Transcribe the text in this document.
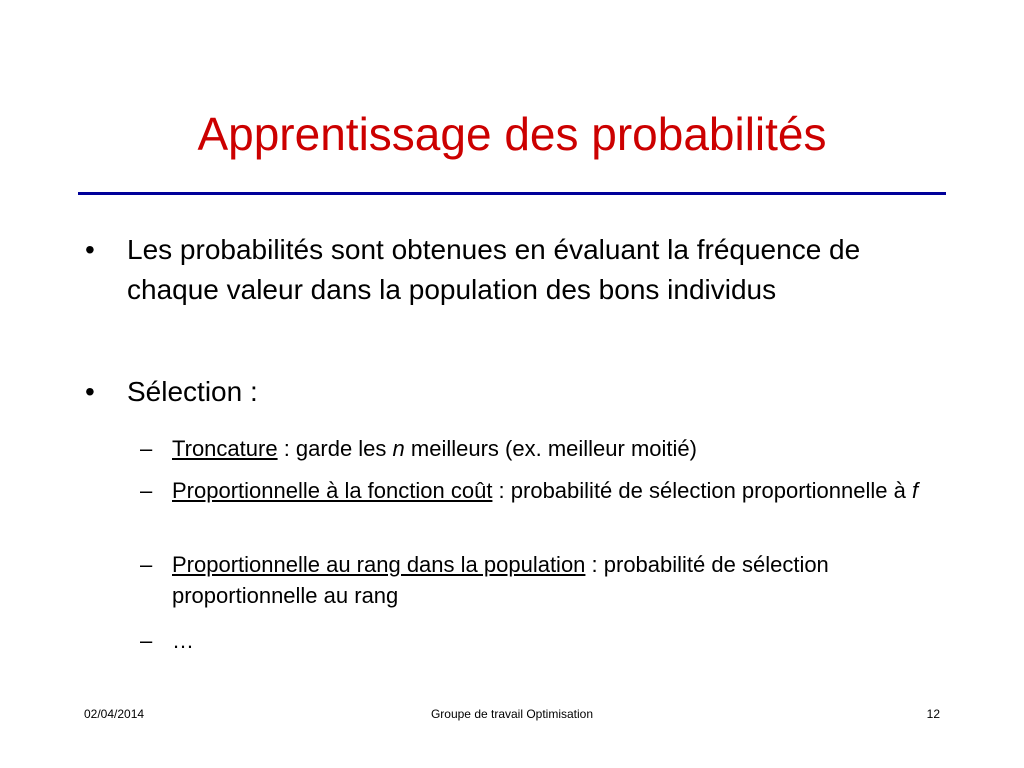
Apprentissage des probabilités
• Les probabilités sont obtenues en évaluant la fréquence de chaque valeur dans la population des bons individus
• Sélection :
– Troncature : garde les n meilleurs (ex. meilleur moitié)
– Proportionnelle à la fonction coût : probabilité de sélection proportionnelle à f
– Proportionnelle au rang dans la population : probabilité de sélection proportionnelle au rang
– …
02/04/2014	Groupe de travail Optimisation	12
